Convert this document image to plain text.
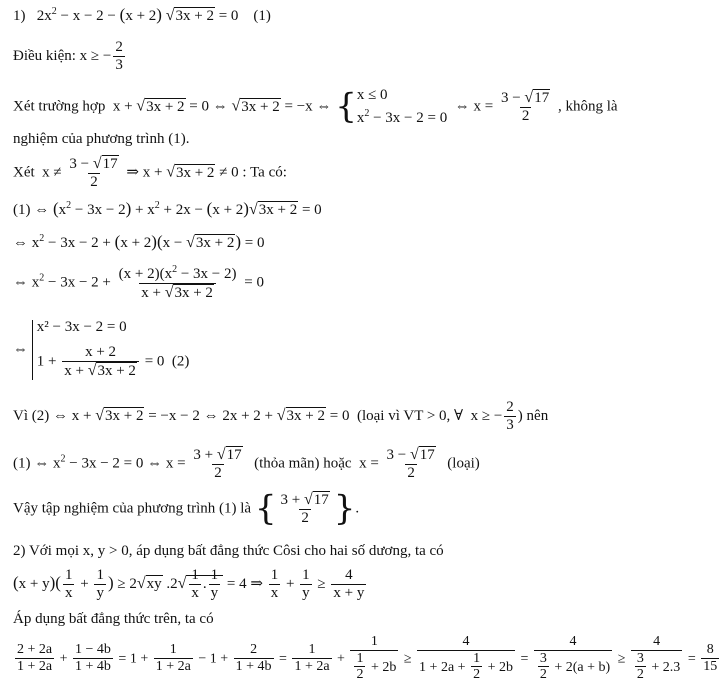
1)   $2x^2 - x - 2 - (x + 2) √3x + 2 = 0$    (1)
Điều kiện: x ≥ − $\frac{2}{3}$
Xét trường hợp  x + √3x + 2 = 0 ⇔ √3x + 2 = −x ⇔ { x ≤ 0
$x^2 - 3x - 2 = 0$
⇔ $x = \frac{3 - √17}{2}$ , không là
nghiệm của phương trình (1).
Xét  $x \ne \frac{3 - √17}{2}$ ⇒ x + √3x + 2 ≠ 0 : Ta có:
(1) ⇔ $(x^2 - 3x - 2) + x^2 + 2x - (x + 2)√3x + 2 = 0$
⇔ $x^2 - 3x - 2 + (x + 2)(x - √3x + 2) = 0$
⇔ $x^2 - 3x - 2 + \frac{(x + 2)(x^2 - 3x - 2)}{x + √3x + 2} = 0$
⇔
x² − 3x − 2 = 0
$1 + \frac{x + 2}{x + √3x + 2} = 0$  (2)
Vì (2) ⇔ x + √3x + 2 = −x − 2 ⇔ 2x + 2 + √3x + 2 = 0  (loại vì VT > 0, ∀  x ≥ − $\frac{2}{3}$ ) nên
(1) ⇔ $x^2 - 3x - 2 = 0$ ⇔ $x = \frac{3 + √17}{2}$ (thỏa mãn) hoặc  $x = \frac{3 - √17}{2}$ (loại)
Vậy tập nghiệm của phương trình (1) là { $\frac{3 + √17}{2}$ }.
2) Với mọi x, y > 0, áp dụng bất đẳng thức Côsi cho hai số dương, ta có
$(x + y)( \frac{1}{x} + \frac{1}{y}$ ) ≥ 2√xy $.2√ \frac{1}{x}$ . $\frac{1}{y} = 4$ ⇒ $\frac{1}{x} + \frac{1}{y} \ge \frac{4}{x + y}$
Áp dụng bất đẳng thức trên, ta có
$\frac{2 + 2a}{1 + 2a} + \frac{1 - 4b}{1 + 4b} = 1 + \frac{1}{1 + 2a} - 1 + \frac{2}{1 + 4b} = \frac{1}{1 + 2a} + \frac{1}{\frac{1}{2} + 2b} \ge \frac{4}{1 + 2a + \frac{1}{2} + 2b} = \frac{4}{\frac{3}{2} + 2(a + b)} \ge \frac{4}{\frac{3}{2} + 2.3} = \frac{8}{15}$
